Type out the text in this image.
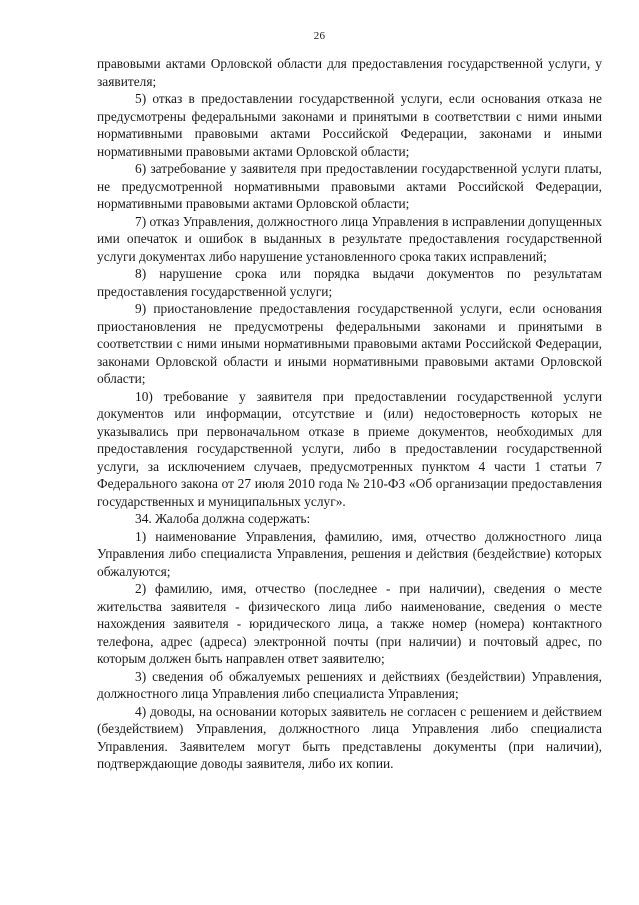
26

правовыми актами Орловской области для предоставления государственной услуги, у заявителя;

5) отказ в предоставлении государственной услуги, если основания отказа не предусмотрены федеральными законами и принятыми в соответствии с ними иными нормативными правовыми актами Российской Федерации, законами и иными нормативными правовыми актами Орловской области;

6) затребование у заявителя при предоставлении государственной услуги платы, не предусмотренной нормативными правовыми актами Российской Федерации, нормативными правовыми актами Орловской области;

7) отказ Управления, должностного лица Управления в исправлении допущенных ими опечаток и ошибок в выданных в результате предоставления государственной услуги документах либо нарушение установленного срока таких исправлений;

8) нарушение срока или порядка выдачи документов по результатам предоставления государственной услуги;

9) приостановление предоставления государственной услуги, если основания приостановления не предусмотрены федеральными законами и принятыми в соответствии с ними иными нормативными правовыми актами Российской Федерации, законами Орловской области и иными нормативными правовыми актами Орловской области;

10) требование у заявителя при предоставлении государственной услуги документов или информации, отсутствие и (или) недостоверность которых не указывались при первоначальном отказе в приеме документов, необходимых для предоставления государственной услуги, либо в предоставлении государственной услуги, за исключением случаев, предусмотренных пунктом 4 части 1 статьи 7 Федерального закона от 27 июля 2010 года № 210-ФЗ «Об организации предоставления государственных и муниципальных услуг».

34. Жалоба должна содержать:

1) наименование Управления, фамилию, имя, отчество должностного лица Управления либо специалиста Управления, решения и действия (бездействие) которых обжалуются;

2) фамилию, имя, отчество (последнее - при наличии), сведения о месте жительства заявителя - физического лица либо наименование, сведения о месте нахождения заявителя - юридического лица, а также номер (номера) контактного телефона, адрес (адреса) электронной почты (при наличии) и почтовый адрес, по которым должен быть направлен ответ заявителю;

3) сведения об обжалуемых решениях и действиях (бездействии) Управления, должностного лица Управления либо специалиста Управления;

4) доводы, на основании которых заявитель не согласен с решением и действием (бездействием) Управления, должностного лица Управления либо специалиста Управления. Заявителем могут быть представлены документы (при наличии), подтверждающие доводы заявителя, либо их копии.
